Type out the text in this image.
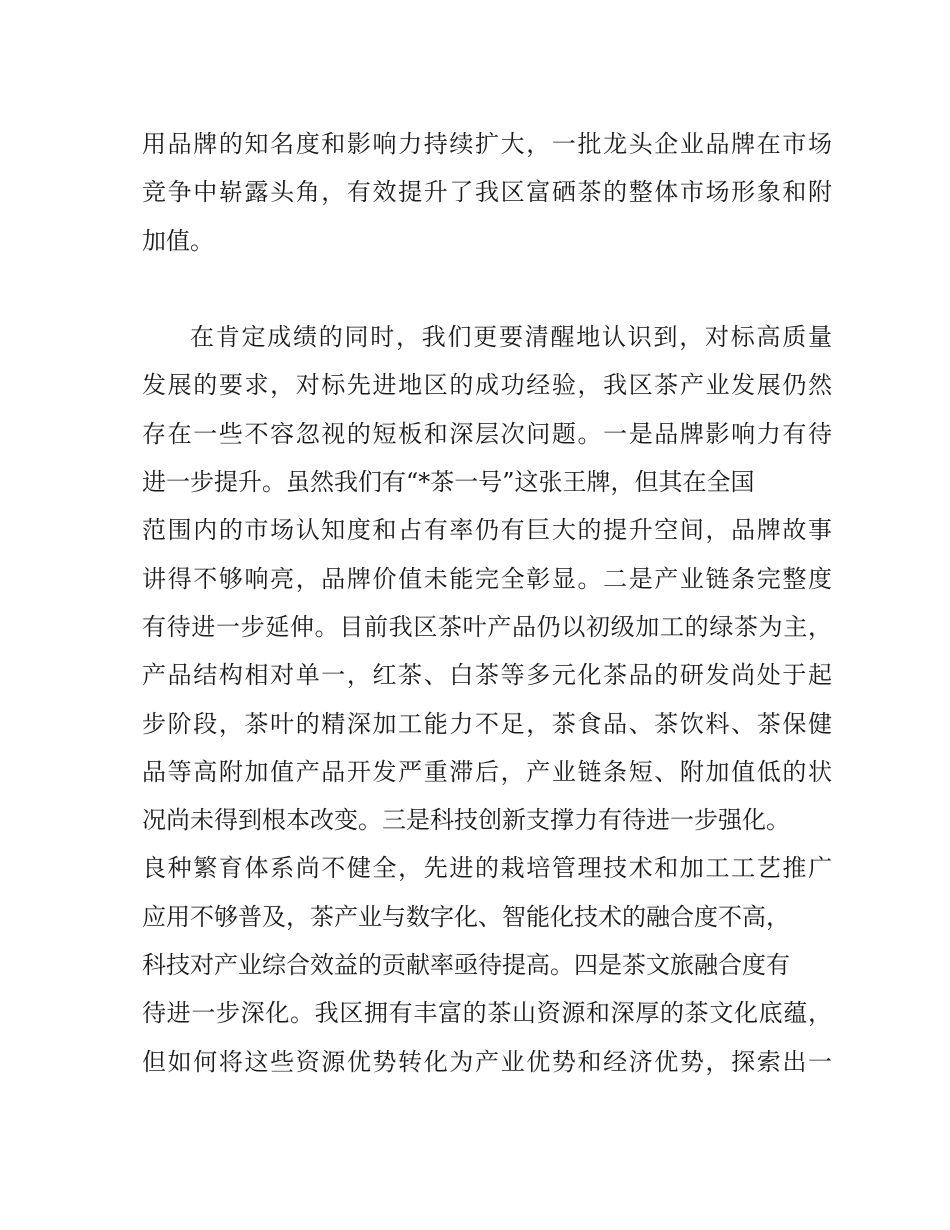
用品牌的知名度和影响力持续扩大，一批龙头企业品牌在市场
竞争中崭露头角，有效提升了我区富硒茶的整体市场形象和附
加值。
在肯定成绩的同时，我们更要清醒地认识到，对标高质量
发展的要求，对标先进地区的成功经验，我区茶产业发展仍然
存在一些不容忽视的短板和深层次问题。一是品牌影响力有待
进一步提升。虽然我们有“*茶一号”这张王牌，但其在全国
范围内的市场认知度和占有率仍有巨大的提升空间，品牌故事
讲得不够响亮，品牌价值未能完全彰显。二是产业链条完整度
有待进一步延伸。目前我区茶叶产品仍以初级加工的绿茶为主，
产品结构相对单一，红茶、白茶等多元化茶品的研发尚处于起
步阶段，茶叶的精深加工能力不足，茶食品、茶饮料、茶保健
品等高附加值产品开发严重滞后，产业链条短、附加值低的状
况尚未得到根本改变。三是科技创新支撑力有待进一步强化。
良种繁育体系尚不健全，先进的栽培管理技术和加工工艺推广
应用不够普及，茶产业与数字化、智能化技术的融合度不高，
科技对产业综合效益的贡献率亟待提高。四是茶文旅融合度有
待进一步深化。我区拥有丰富的茶山资源和深厚的茶文化底蕴，
但如何将这些资源优势转化为产业优势和经济优势，探索出一
